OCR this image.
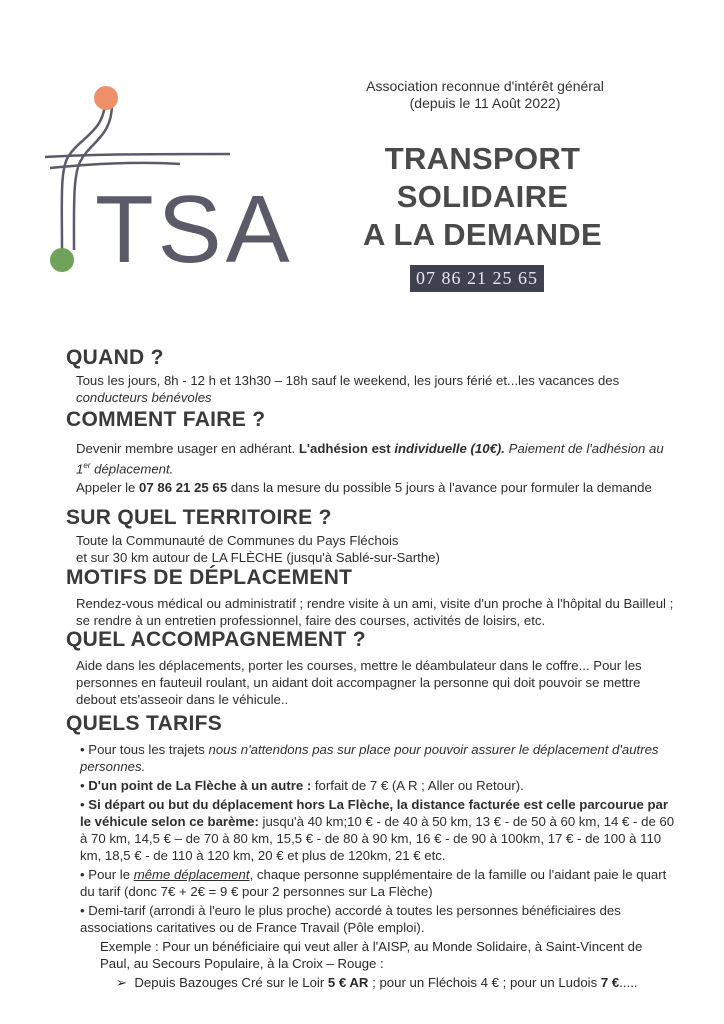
TSA
Association reconnue d'intérêt général
(depuis le 11 Août 2022)
TRANSPORT SOLIDAIRE
A LA DEMANDE
07 86 21 25 65
QUAND ?
Tous les jours, 8h - 12 h et 13h30 – 18h sauf le weekend, les jours férié et...les vacances des conducteurs bénévoles
COMMENT FAIRE ?
Devenir membre usager en adhérant. L'adhésion est individuelle (10€). Paiement de l'adhésion au 1er déplacement.
Appeler le 07 86 21 25 65 dans la mesure du possible 5 jours à l'avance pour formuler la demande
SUR QUEL TERRITOIRE ?
Toute la Communauté de Communes du Pays Fléchois
et sur 30 km autour de LA FLÈCHE (jusqu'à Sablé-sur-Sarthe)
MOTIFS DE DÉPLACEMENT
Rendez-vous médical ou administratif ; rendre visite à un ami, visite d'un proche à l'hôpital du Bailleul ; se rendre à un entretien professionnel, faire des courses, activités de loisirs, etc.
QUEL ACCOMPAGNEMENT ?
Aide dans les déplacements, porter les courses, mettre le déambulateur dans le coffre... Pour les personnes en fauteuil roulant, un aidant doit accompagner la personne qui doit pouvoir se mettre debout ets'asseoir dans le véhicule..
QUELS TARIFS
• Pour tous les trajets nous n'attendons pas sur place pour pouvoir assurer le déplacement d'autres personnes.
• D'un point de La Flèche à un autre : forfait de 7 € (A R ; Aller ou Retour).
• Si départ ou but du déplacement hors La Flèche, la distance facturée est celle parcourue par le véhicule selon ce barème: jusqu'à 40 km;10 € - de 40 à 50 km, 13 € - de 50 à 60 km, 14 € - de 60 à 70 km, 14,5 € – de 70 à 80 km, 15,5 € - de 80 à 90 km, 16 € - de 90 à 100km, 17 € - de 100 à 110 km, 18,5 € - de 110 à 120 km, 20 € et plus de 120km, 21 € etc.
• Pour le même déplacement, chaque personne supplémentaire de la famille ou l'aidant paie le quart du tarif (donc 7€ + 2€ = 9 € pour 2 personnes sur La Flèche)
• Demi-tarif (arrondi à l'euro le plus proche) accordé à toutes les personnes bénéficiaires des associations caritatives ou de France Travail (Pôle emploi).
Exemple : Pour un bénéficiaire qui veut aller à l'AISP, au Monde Solidaire, à Saint-Vincent de Paul, au Secours Populaire, à la Croix – Rouge :
➢  Depuis Bazouges Cré sur le Loir 5 € AR ; pour un Fléchois 4 € ; pour un Ludois 7 €.....
